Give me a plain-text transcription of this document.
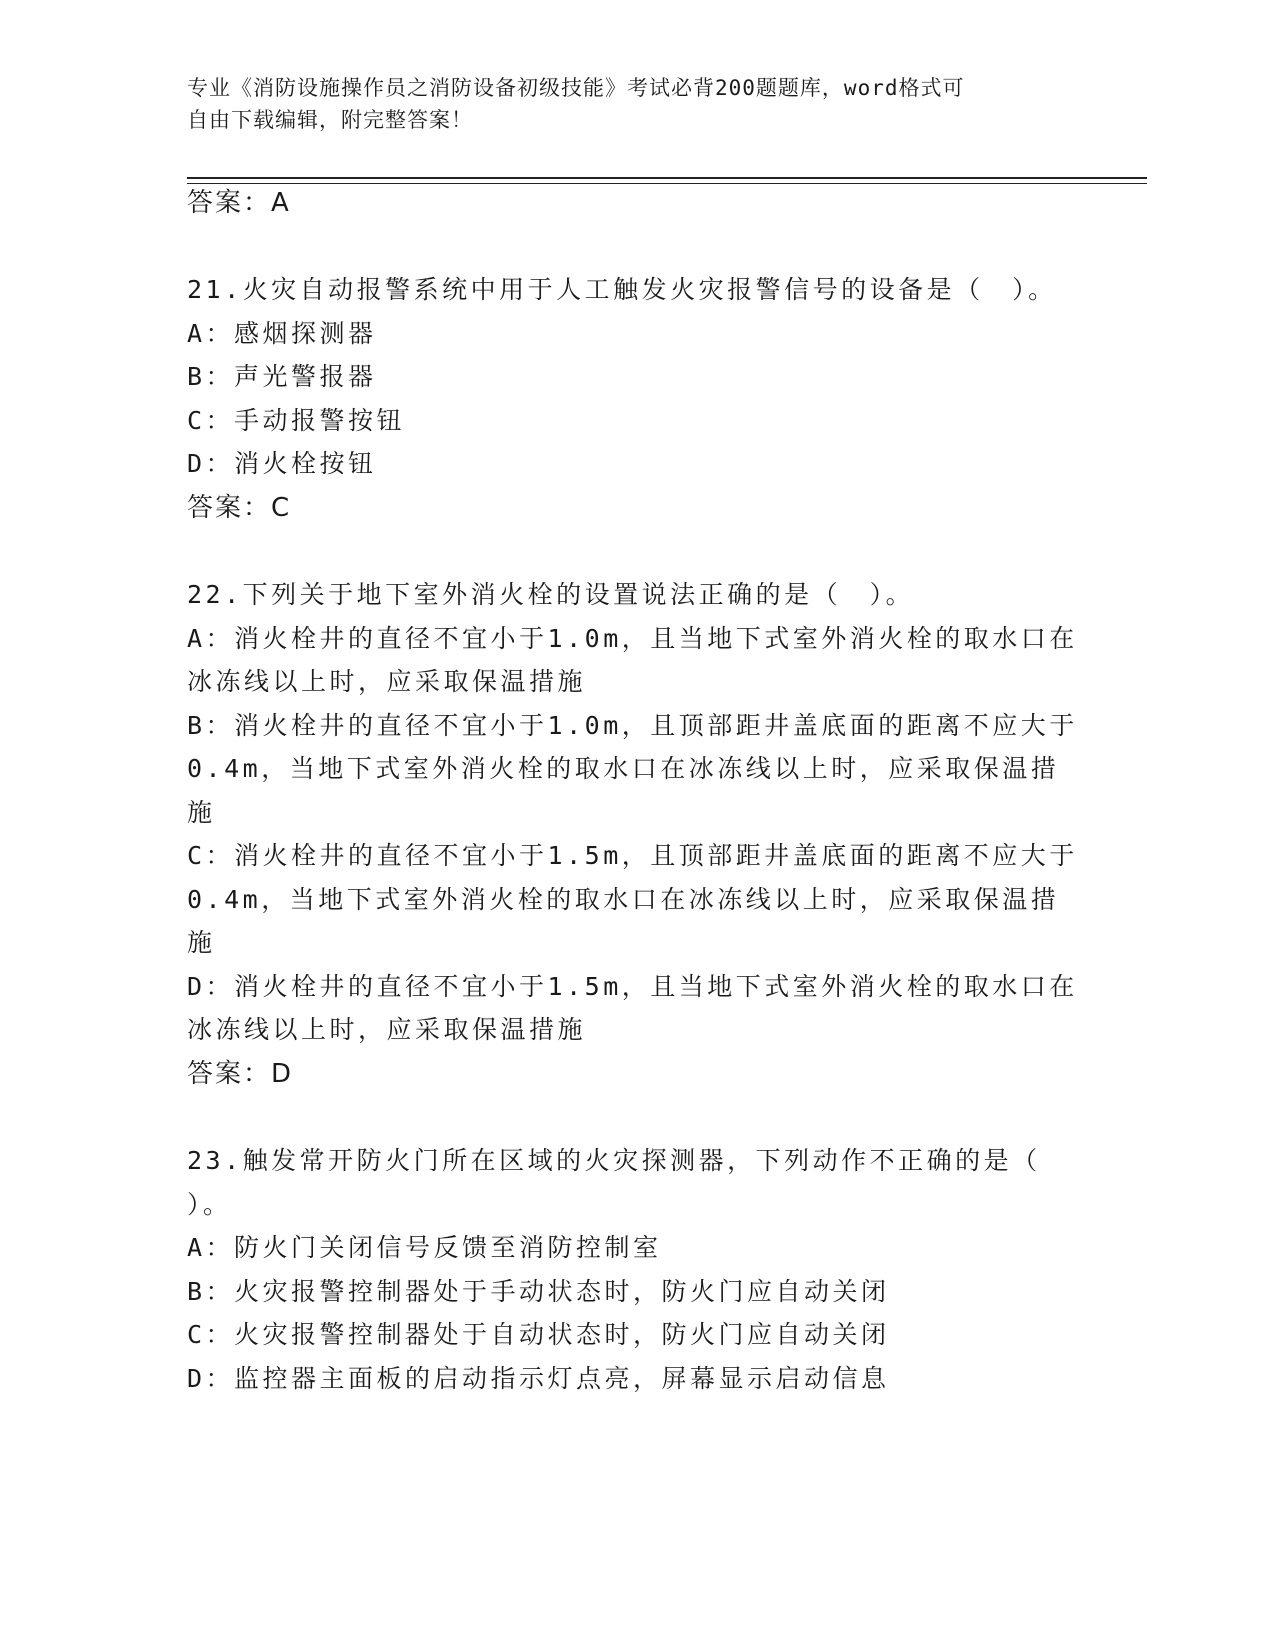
专业《消防设施操作员之消防设备初级技能》考试必背200题题库，word格式可
自由下载编辑，附完整答案！
答案：A
21.火灾自动报警系统中用于人工触发火灾报警信号的设备是（　）。
A：感烟探测器
B：声光警报器
C：手动报警按钮
D：消火栓按钮
答案：C
22.下列关于地下室外消火栓的设置说法正确的是（　）。
A：消火栓井的直径不宜小于1.0m，且当地下式室外消火栓的取水口在
冰冻线以上时，应采取保温措施
B：消火栓井的直径不宜小于1.0m，且顶部距井盖底面的距离不应大于
0.4m，当地下式室外消火栓的取水口在冰冻线以上时，应采取保温措
施
C：消火栓井的直径不宜小于1.5m，且顶部距井盖底面的距离不应大于
0.4m，当地下式室外消火栓的取水口在冰冻线以上时，应采取保温措
施
D：消火栓井的直径不宜小于1.5m，且当地下式室外消火栓的取水口在
冰冻线以上时，应采取保温措施
答案：D
23.触发常开防火门所在区域的火灾探测器，下列动作不正确的是（
）。
A：防火门关闭信号反馈至消防控制室
B：火灾报警控制器处于手动状态时，防火门应自动关闭
C：火灾报警控制器处于自动状态时，防火门应自动关闭
D：监控器主面板的启动指示灯点亮，屏幕显示启动信息
